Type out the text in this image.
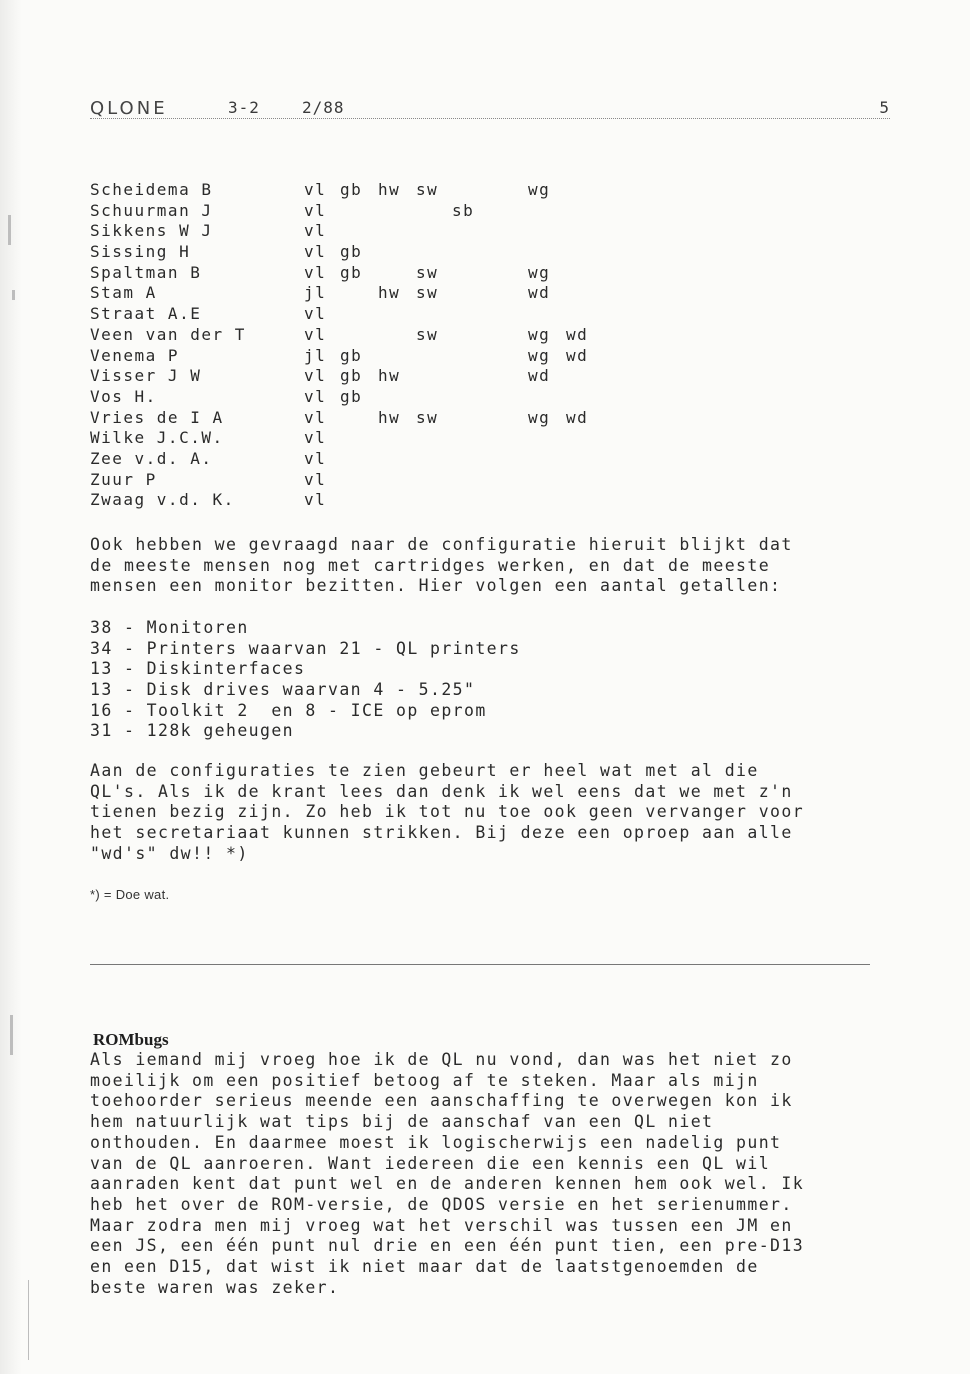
QLONE	3-2	2/88	5
Scheidema B	vl gb hw sw	wg
Schuurman J	vl	sb
Sikkens W J	vl
Sissing H	vl gb
Spaltman B	vl gb	sw	wg
Stam A	jl	hw sw	wd
Straat A.E	vl
Veen van der T	vl	sw	wg wd
Venema P	jl gb	wg wd
Visser J W	vl gb hw	wd
Vos H.	vl gb
Vries de I A	vl	hw sw	wg wd
Wilke J.C.W.	vl
Zee v.d. A.	vl
Zuur P	vl
Zwaag v.d. K.	vl
Ook hebben we gevraagd naar de configuratie hieruit blijkt dat
de meeste mensen nog met cartridges werken, en dat de meeste
mensen een monitor bezitten. Hier volgen een aantal getallen:
38 - Monitoren
34 - Printers waarvan 21 - QL printers
13 - Diskinterfaces
13 - Disk drives waarvan 4 - 5.25"
16 - Toolkit 2  en 8 - ICE op eprom
31 - 128k geheugen
Aan de configuraties te zien gebeurt er heel wat met al die
QL's. Als ik de krant lees dan denk ik wel eens dat we met z'n
tienen bezig zijn. Zo heb ik tot nu toe ook geen vervanger voor
het secretariaat kunnen strikken. Bij deze een oproep aan alle
"wd's" dw!! *)
*) = Doe wat.
ROMbugs
Als iemand mij vroeg hoe ik de QL nu vond, dan was het niet zo
moeilijk om een positief betoog af te steken. Maar als mijn
toehoorder serieus meende een aanschaffing te overwegen kon ik
hem natuurlijk wat tips bij de aanschaf van een QL niet
onthouden. En daarmee moest ik logischerwijs een nadelig punt
van de QL aanroeren. Want iedereen die een kennis een QL wil
aanraden kent dat punt wel en de anderen kennen hem ook wel. Ik
heb het over de ROM-versie, de QDOS versie en het serienummer.
Maar zodra men mij vroeg wat het verschil was tussen een JM en
een JS, een één punt nul drie en een één punt tien, een pre-D13
en een D15, dat wist ik niet maar dat de laatstgenoemden de
beste waren was zeker.
